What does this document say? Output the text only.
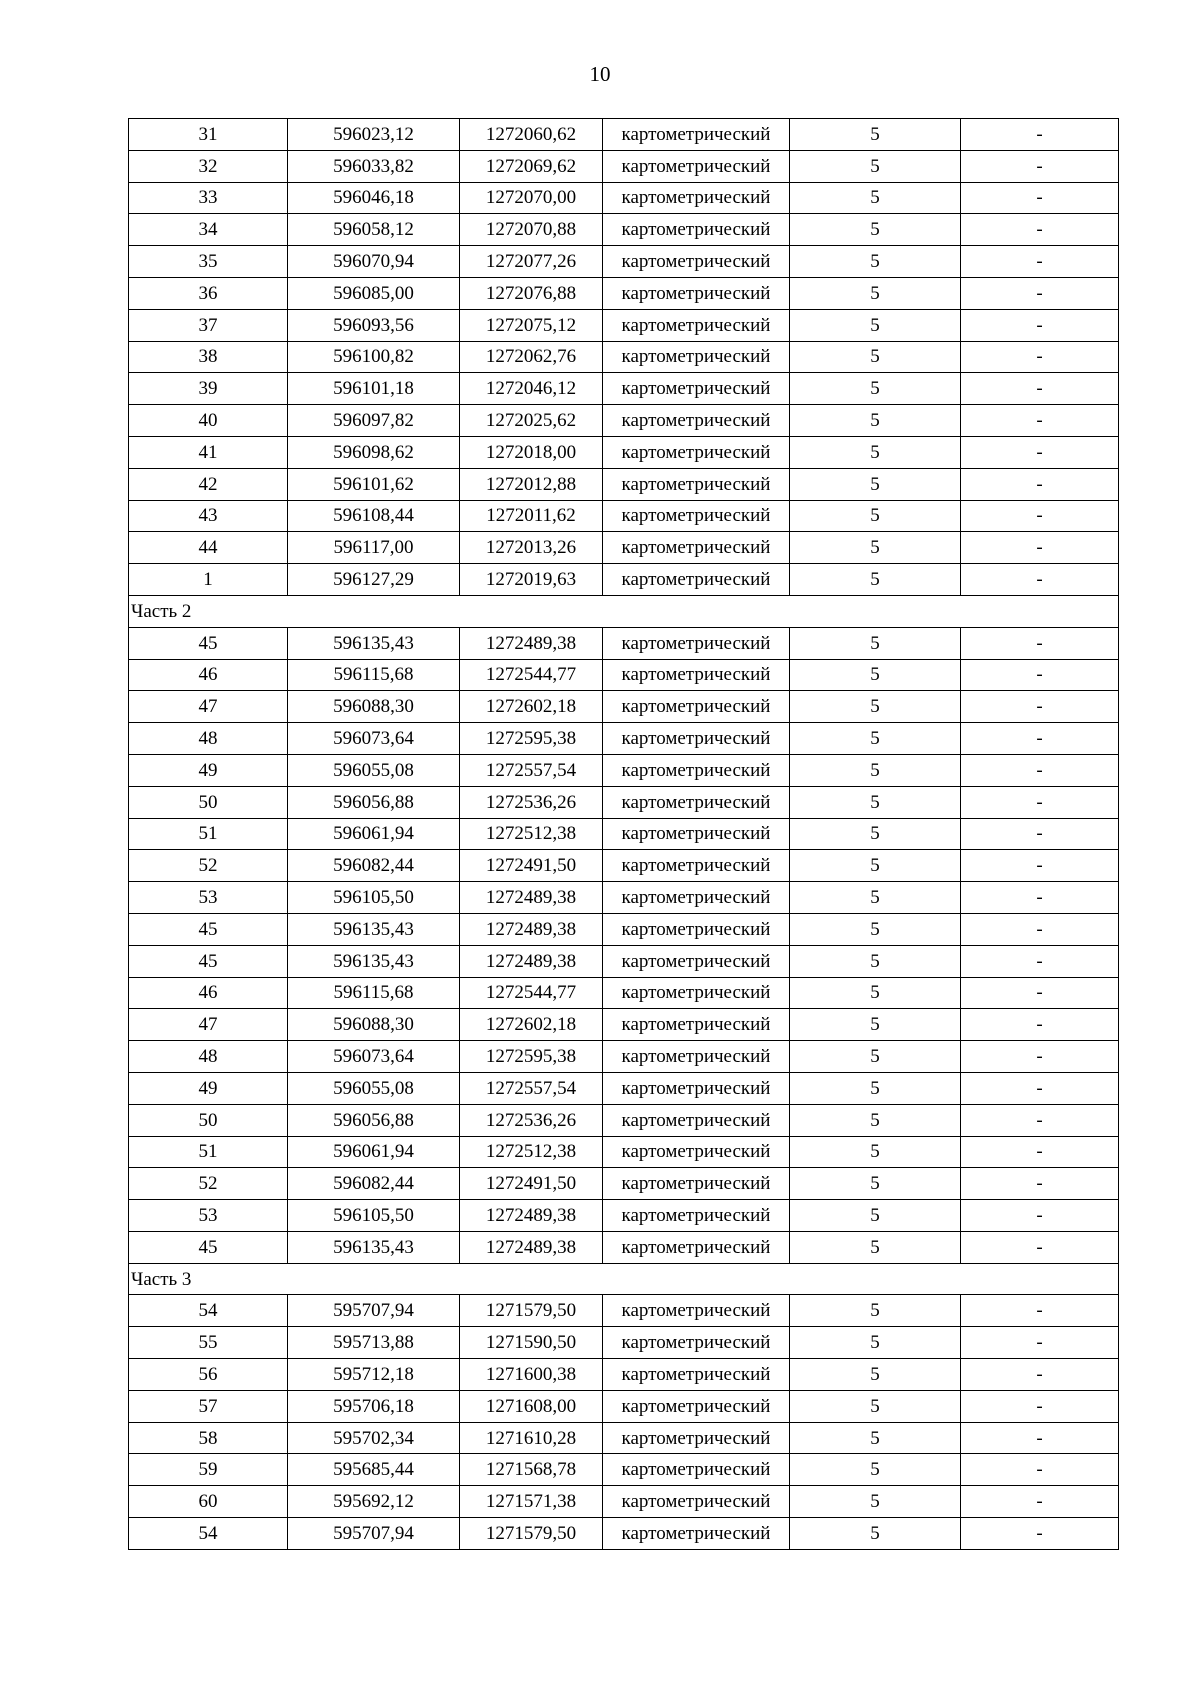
10
31	596023,12	1272060,62	картометрический	5	-
32	596033,82	1272069,62	картометрический	5	-
33	596046,18	1272070,00	картометрический	5	-
34	596058,12	1272070,88	картометрический	5	-
35	596070,94	1272077,26	картометрический	5	-
36	596085,00	1272076,88	картометрический	5	-
37	596093,56	1272075,12	картометрический	5	-
38	596100,82	1272062,76	картометрический	5	-
39	596101,18	1272046,12	картометрический	5	-
40	596097,82	1272025,62	картометрический	5	-
41	596098,62	1272018,00	картометрический	5	-
42	596101,62	1272012,88	картометрический	5	-
43	596108,44	1272011,62	картометрический	5	-
44	596117,00	1272013,26	картометрический	5	-
1	596127,29	1272019,63	картометрический	5	-
Часть 2					
45	596135,43	1272489,38	картометрический	5	-
46	596115,68	1272544,77	картометрический	5	-
47	596088,30	1272602,18	картометрический	5	-
48	596073,64	1272595,38	картометрический	5	-
49	596055,08	1272557,54	картометрический	5	-
50	596056,88	1272536,26	картометрический	5	-
51	596061,94	1272512,38	картометрический	5	-
52	596082,44	1272491,50	картометрический	5	-
53	596105,50	1272489,38	картометрический	5	-
45	596135,43	1272489,38	картометрический	5	-
45	596135,43	1272489,38	картометрический	5	-
46	596115,68	1272544,77	картометрический	5	-
47	596088,30	1272602,18	картометрический	5	-
48	596073,64	1272595,38	картометрический	5	-
49	596055,08	1272557,54	картометрический	5	-
50	596056,88	1272536,26	картометрический	5	-
51	596061,94	1272512,38	картометрический	5	-
52	596082,44	1272491,50	картометрический	5	-
53	596105,50	1272489,38	картометрический	5	-
45	596135,43	1272489,38	картометрический	5	-
Часть 3					
54	595707,94	1271579,50	картометрический	5	-
55	595713,88	1271590,50	картометрический	5	-
56	595712,18	1271600,38	картометрический	5	-
57	595706,18	1271608,00	картометрический	5	-
58	595702,34	1271610,28	картометрический	5	-
59	595685,44	1271568,78	картометрический	5	-
60	595692,12	1271571,38	картометрический	5	-
54	595707,94	1271579,50	картометрический	5	-
